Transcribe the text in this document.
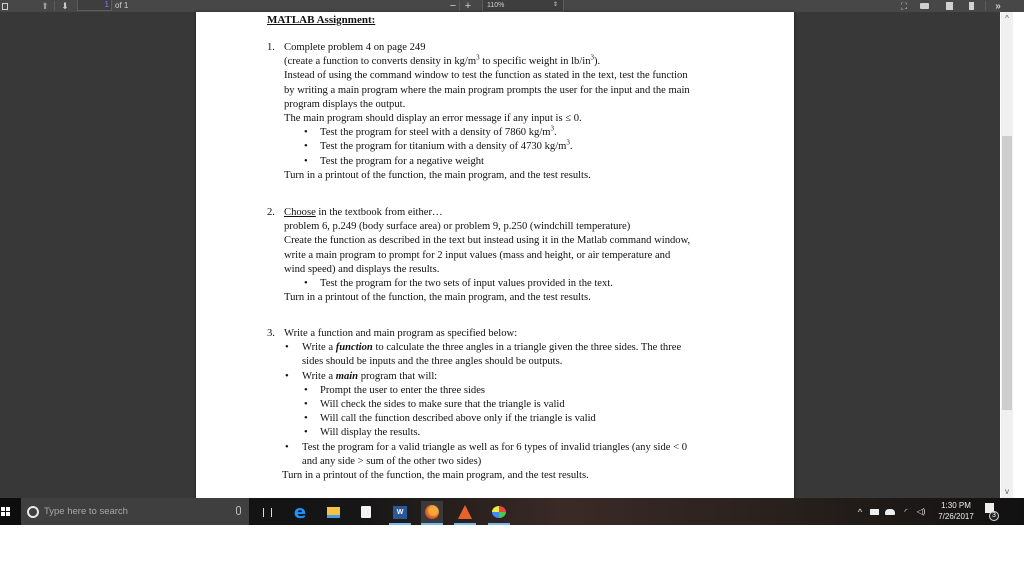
⬆ ⬇	1 of 1	− +	110%	⇕	⛶	»
MATLAB Assignment:
1. Complete problem 4 on page 249
(create a function to converts density in $kg/m^3$ to specific weight in $lb/in^3$).
Instead of using the command window to test the function as stated in the text, test the function
by writing a main program where the main program prompts the user for the input and the main
program displays the output.
The main program should display an error message if any input is ≤ 0.
• Test the program for steel with a density of 7860 $kg/m^3$.
• Test the program for titanium with a density of 4730 $kg/m^3$.
• Test the program for a negative weight
Turn in a printout of the function, the main program, and the test results.
2. Choose in the textbook from either…
problem 6, p.249 (body surface area) or problem 9, p.250 (windchill temperature)
Create the function as described in the text but instead using it in the Matlab command window,
write a main program to prompt for 2 input values (mass and height, or air temperature and
wind speed) and displays the results.
• Test the program for the two sets of input values provided in the text.
Turn in a printout of the function, the main program, and the test results.
3. Write a function and main program as specified below:
• Write a function to calculate the three angles in a triangle given the three sides. The three
sides should be inputs and the three angles should be outputs.
• Write a main program that will:
• Prompt the user to enter the three sides
• Will check the sides to make sure that the triangle is valid
• Will call the function described above only if the triangle is valid
• Will display the results.
• Test the program for a valid triangle as well as for 6 types of invalid triangles (any side < 0
and any side > sum of the other two sides)
Turn in a printout of the function, the main program, and the test results.
^
v
Type here to search	e	W	^	◜ ◁)
1:30 PM
7/26/2017	3
